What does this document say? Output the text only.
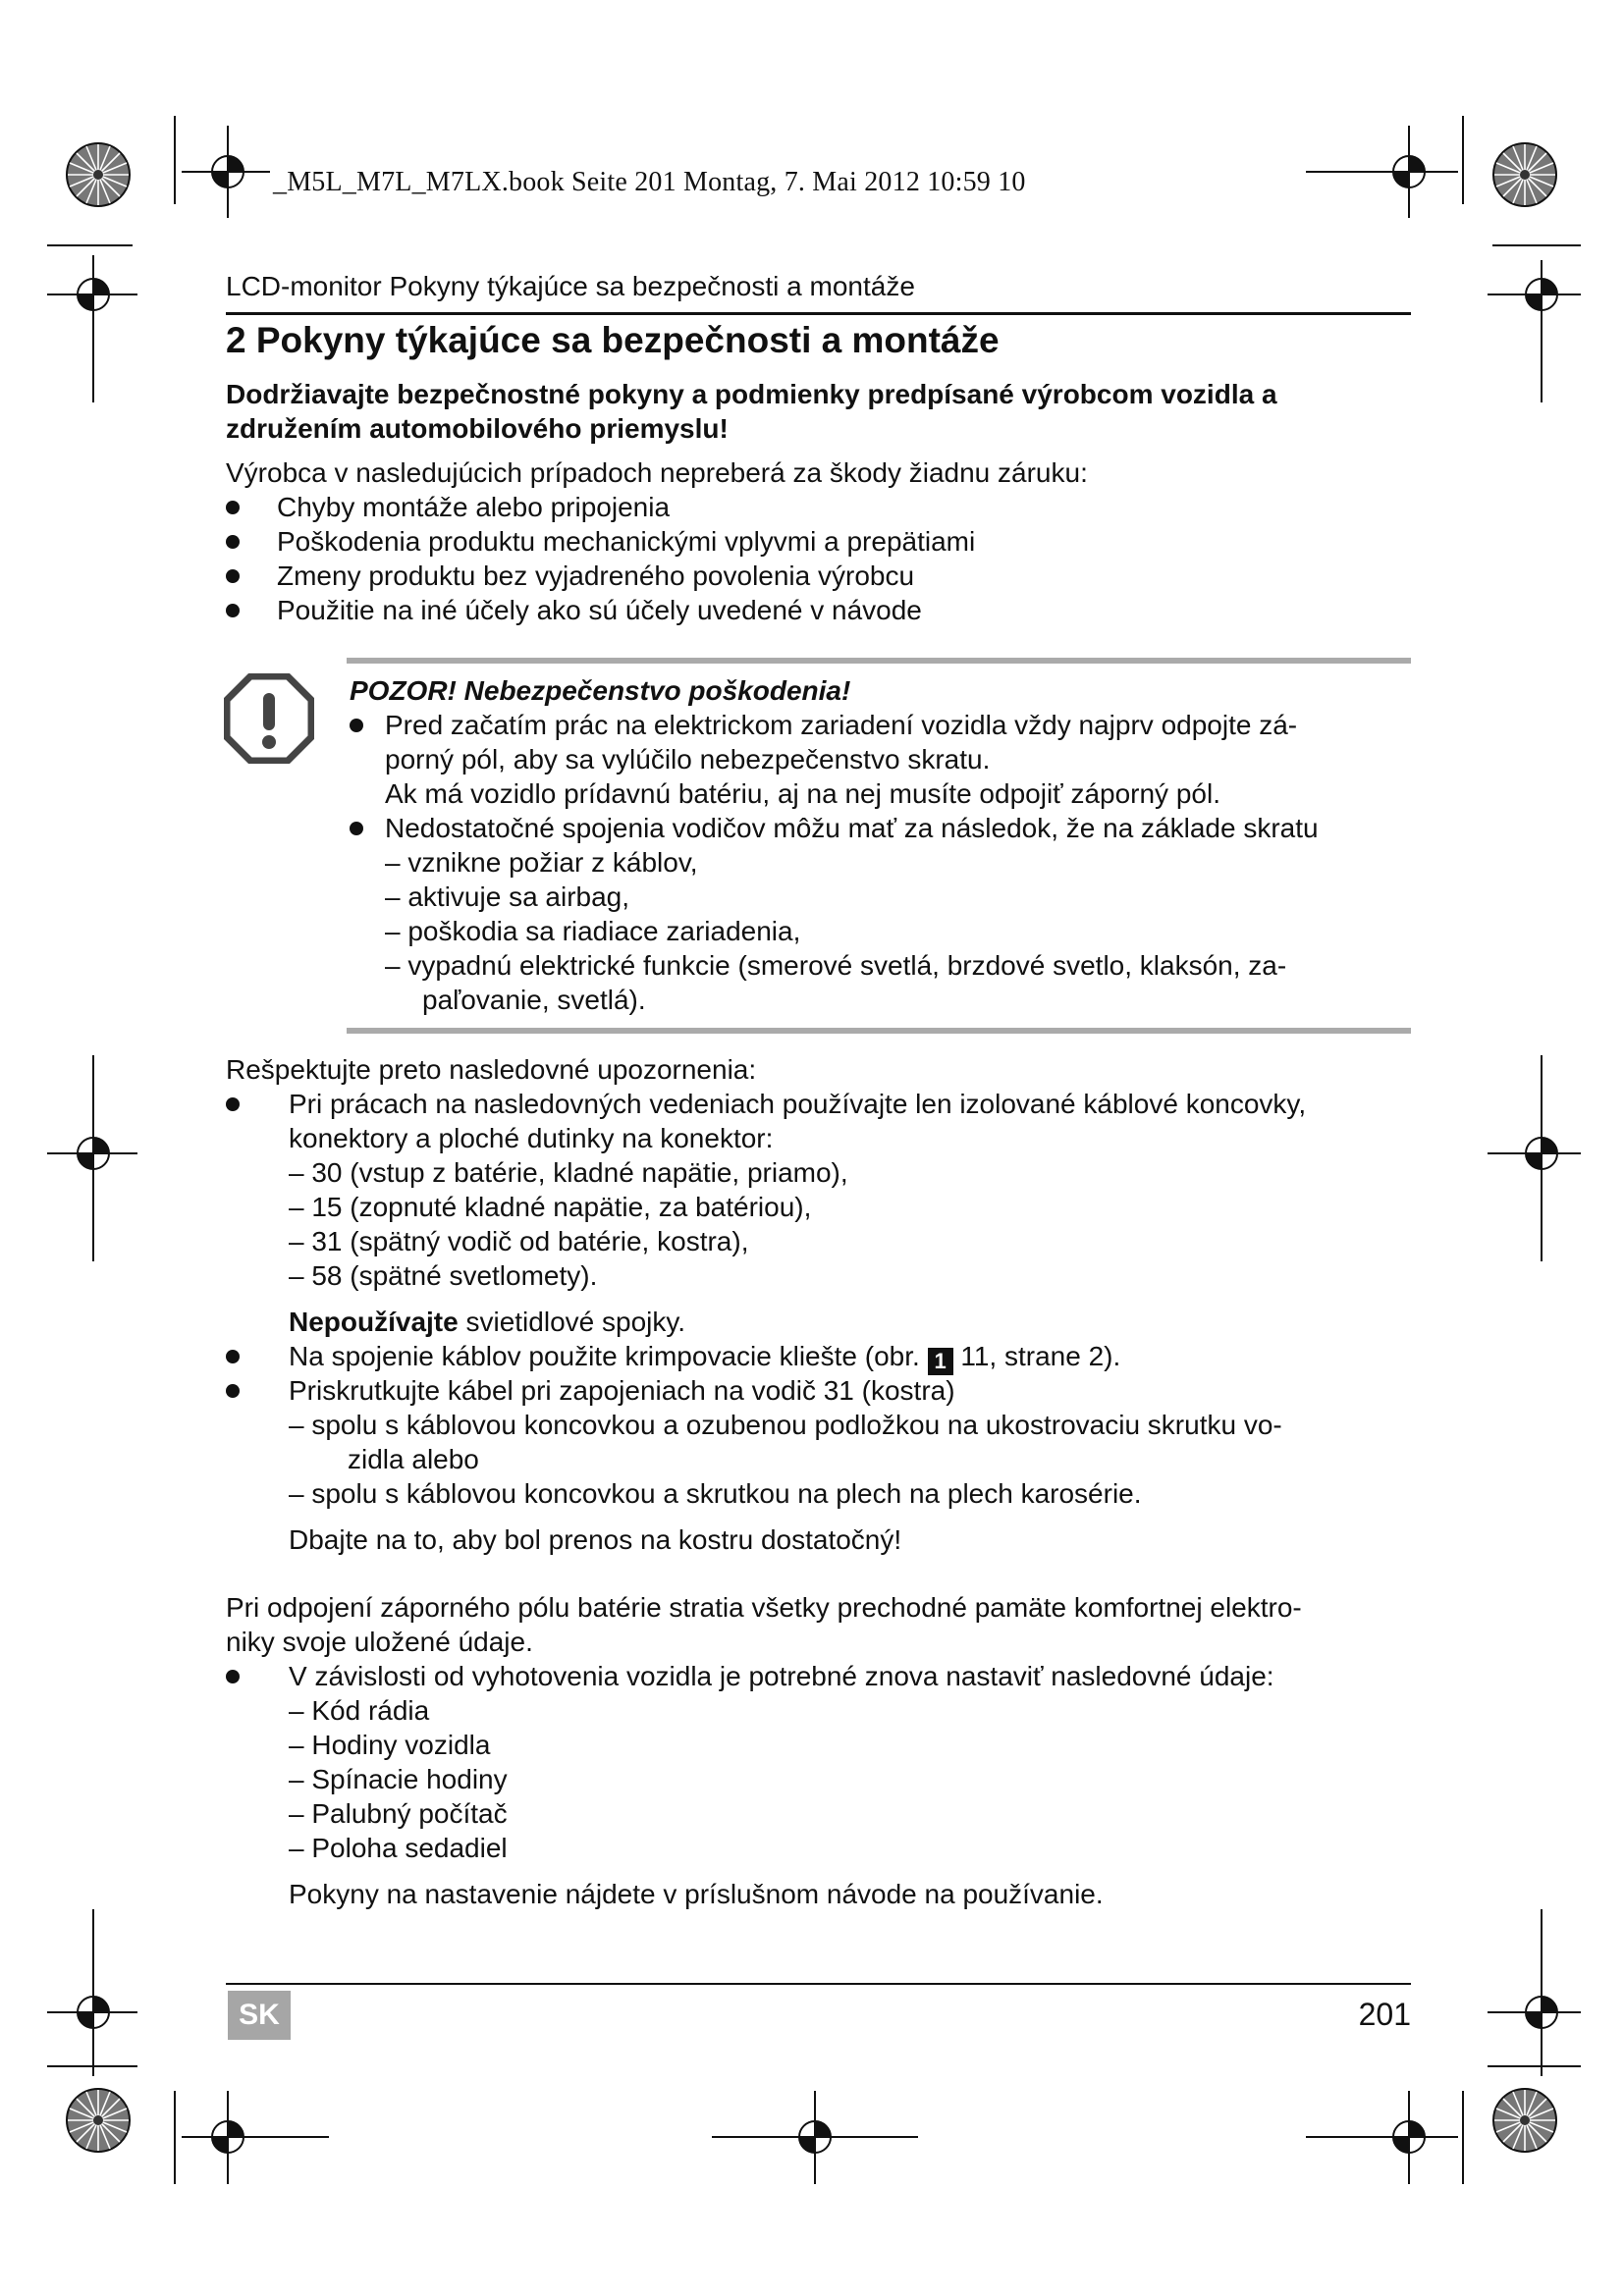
_M5L_M7L_M7LX.book Seite 201 Montag, 7. Mai 2012 10:59 10
LCD-monitor Pokyny týkajúce sa bezpečnosti a montáže
2 Pokyny týkajúce sa bezpečnosti a montáže
Dodržiavajte bezpečnostné pokyny a podmienky predpísané výrobcom vozidla a
združením automobilového priemyslu!
Výrobca v nasledujúcich prípadoch nepreberá za škody žiadnu záruku:
Chyby montáže alebo pripojenia
Poškodenia produktu mechanickými vplyvmi a prepätiami
Zmeny produktu bez vyjadreného povolenia výrobcu
Použitie na iné účely ako sú účely uvedené v návode
POZOR! Nebezpečenstvo poškodenia!
Pred začatím prác na elektrickom zariadení vozidla vždy najprv odpojte zá-
porný pól, aby sa vylúčilo nebezpečenstvo skratu.
Ak má vozidlo prídavnú batériu, aj na nej musíte odpojiť záporný pól.
Nedostatočné spojenia vodičov môžu mať za následok, že na základe skratu
– vznikne požiar z káblov,
– aktivuje sa airbag,
– poškodia sa riadiace zariadenia,
– vypadnú elektrické funkcie (smerové svetlá, brzdové svetlo, klaksón, za-
paľovanie, svetlá).
Rešpektujte preto nasledovné upozornenia:
Pri prácach na nasledovných vedeniach používajte len izolované káblové koncovky,
konektory a ploché dutinky na konektor:
– 30 (vstup z batérie, kladné napätie, priamo),
– 15 (zopnuté kladné napätie, za batériou),
– 31 (spätný vodič od batérie, kostra),
– 58 (spätné svetlomety).
Nepoužívajte svietidlové spojky.
Na spojenie káblov použite krimpovacie kliešte (obr. 1 11, strane 2).
Priskrutkujte kábel pri zapojeniach na vodič 31 (kostra)
– spolu s káblovou koncovkou a ozubenou podložkou na ukostrovaciu skrutku vo-
zidla alebo
– spolu s káblovou koncovkou a skrutkou na plech na plech karosérie.
Dbajte na to, aby bol prenos na kostru dostatočný!
Pri odpojení záporného pólu batérie stratia všetky prechodné pamäte komfortnej elektro-
niky svoje uložené údaje.
V závislosti od vyhotovenia vozidla je potrebné znova nastaviť nasledovné údaje:
– Kód rádia
– Hodiny vozidla
– Spínacie hodiny
– Palubný počítač
– Poloha sedadiel
Pokyny na nastavenie nájdete v príslušnom návode na používanie.
SK	201
